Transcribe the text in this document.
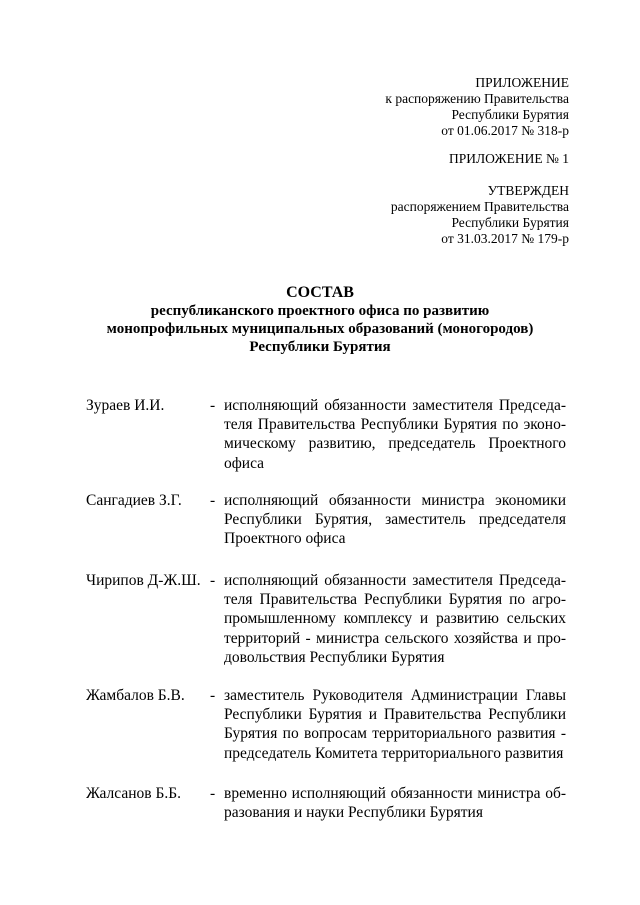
ПРИЛОЖЕНИЕ
к распоряжению Правительства
Республики Бурятия
от 01.06.2017 № 318-р
ПРИЛОЖЕНИЕ № 1
УТВЕРЖДЕН
распоряжением Правительства
Республики Бурятия
от 31.03.2017 № 179-р
СОСТАВ
республиканского проектного офиса по развитию
монопрофильных муниципальных образований (моногородов)
Республики Бурятия
Зураев И.И.	- исполняющий обязанности заместителя Председа-
теля Правительства Республики Бурятия по эконо-
мическому развитию, председатель Проектного
офиса
Сангадиев З.Г. - исполняющий обязанности министра экономики
Республики Бурятия, заместитель председателя
Проектного офиса
Чирипов Д-Ж.Ш. - исполняющий обязанности заместителя Председа-
теля Правительства Республики Бурятия по агро-
промышленному комплексу и развитию сельских
территорий - министра сельского хозяйства и про-
довольствия Республики Бурятия
Жамбалов Б.В. - заместитель Руководителя Администрации Главы
Республики Бурятия и Правительства Республики
Бурятия по вопросам территориального развития -
председатель Комитета территориального развития
Жалсанов Б.Б. - временно исполняющий обязанности министра об-
разования и науки Республики Бурятия
